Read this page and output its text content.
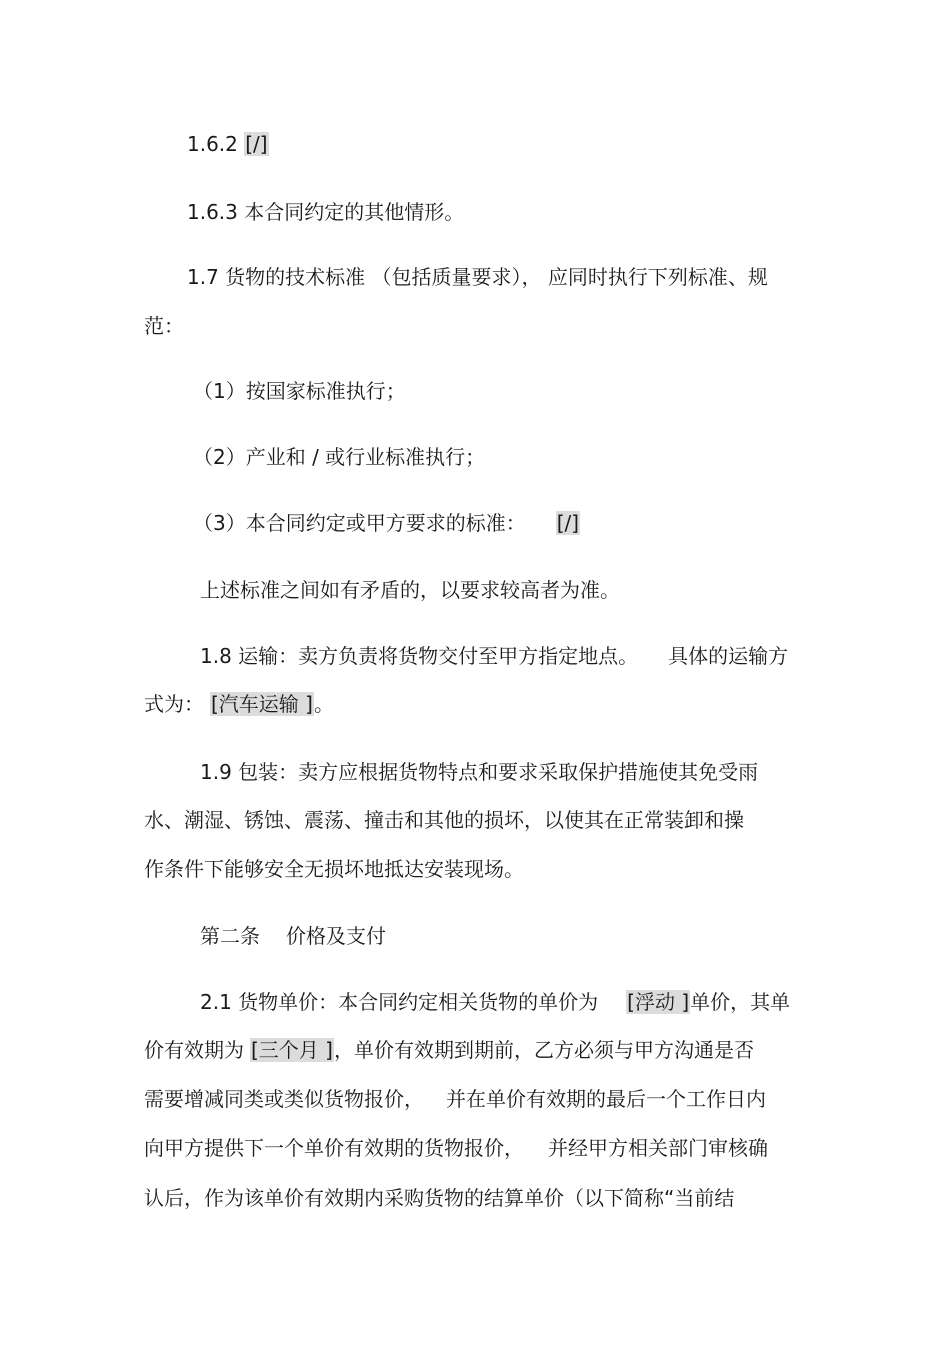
1.6.2 [/]
1.6.3 本合同约定的其他情形。
1.7 货物的技术标准 （包括质量要求）， 应同时执行下列标准、规
范：
（1）按国家标准执行；
（2）产业和 / 或行业标准执行；
（3）本合同约定或甲方要求的标准： [/]
上述标准之间如有矛盾的，以要求较高者为准。
1.8 运输：卖方负责将货物交付至甲方指定地点。 具体的运输方
式为： [汽车运输 ]。
1.9 包装：卖方应根据货物特点和要求采取保护措施使其免受雨
水、潮湿、锈蚀、震荡、撞击和其他的损坏，以使其在正常装卸和操
作条件下能够安全无损坏地抵达安装现场。
第二条 价格及支付
2.1 货物单价：本合同约定相关货物的单价为 [浮动 ]单价，其单
价有效期为 [三个月 ]，单价有效期到期前，乙方必须与甲方沟通是否
需要增减同类或类似货物报价， 并在单价有效期的最后一个工作日内
向甲方提供下一个单价有效期的货物报价， 并经甲方相关部门审核确
认后，作为该单价有效期内采购货物的结算单价（以下简称“当前结
